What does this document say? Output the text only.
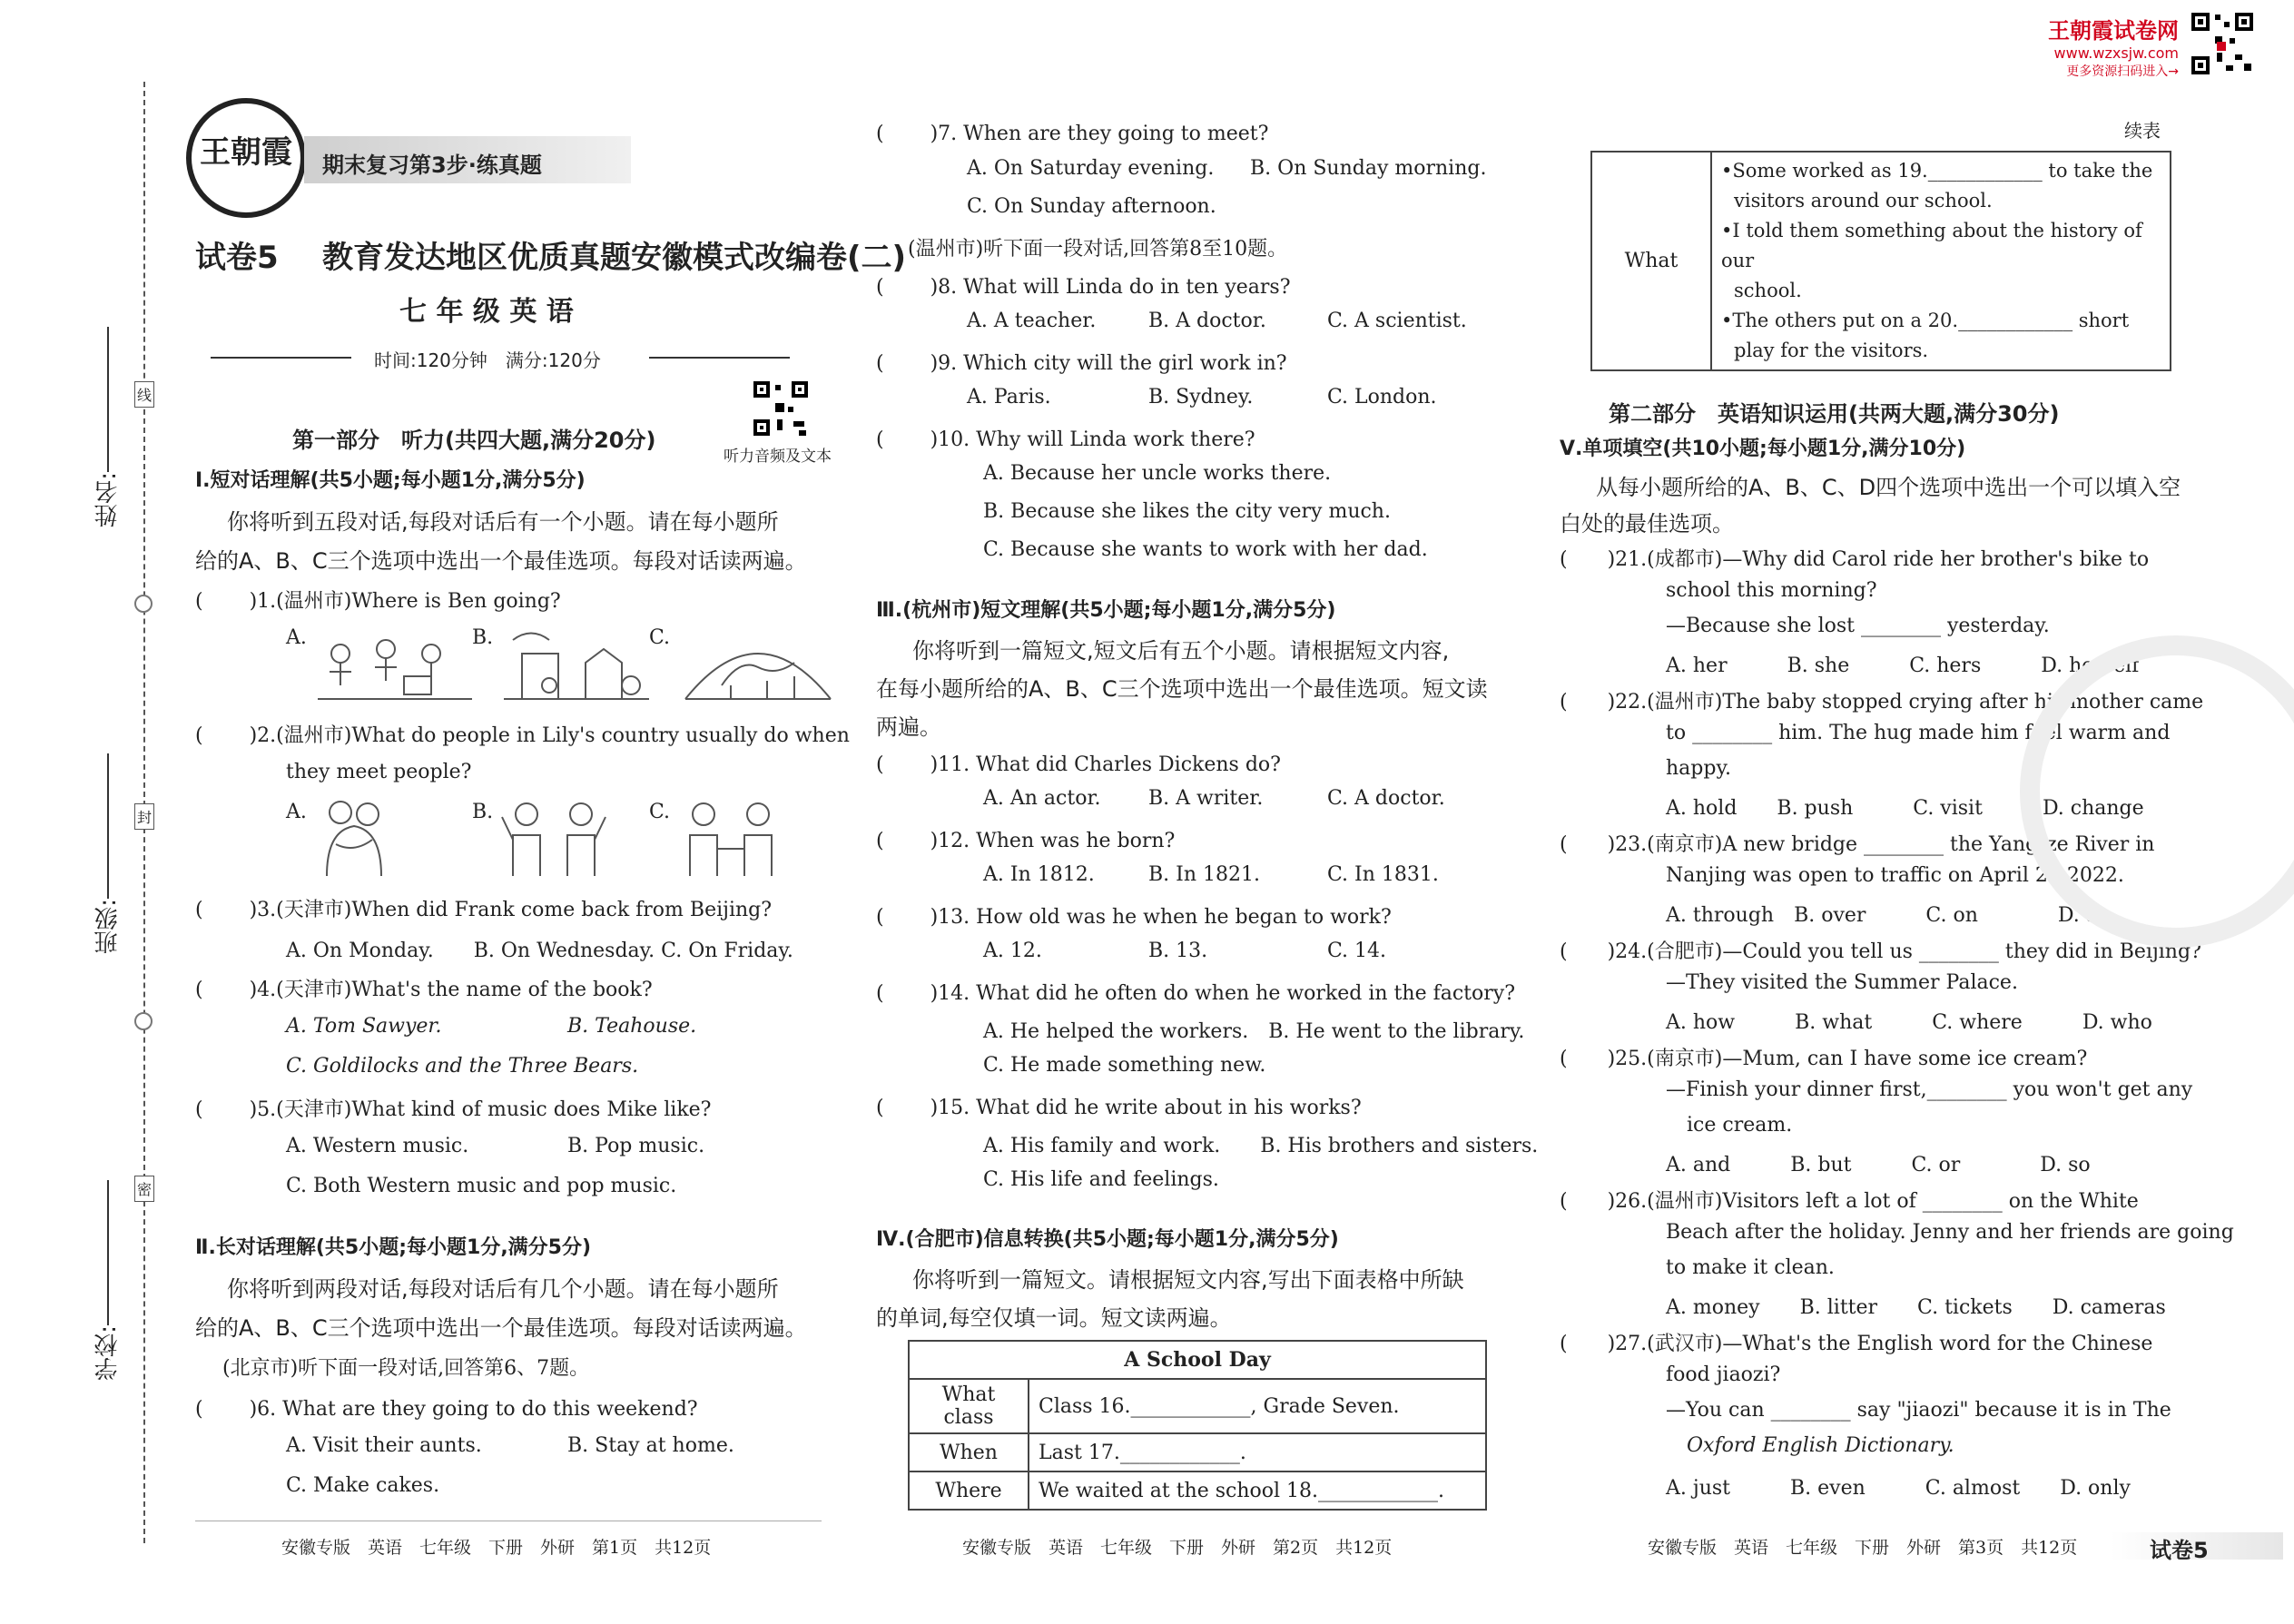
王朝霞试卷网
www.wzxsjw.com
更多资源扫码进入→
姓名:
班级:
学校:
线
封
密
王朝霞	期末复习第3步·练真题
试卷5 教育发达地区优质真题安徽模式改编卷(二)
七 年 级 英 语
时间:120分钟　满分:120分
听力音频及文本
第一部分　听力(共四大题,满分20分)
Ⅰ.短对话理解(共5小题;每小题1分,满分5分)
你将听到五段对话,每段对话后有一个小题。请在每小题所
给的A、B、C三个选项中选出一个最佳选项。每段对话读两遍。
( 　　)1.(温州市)Where is Ben going?
A.	B.	C.
( 　　)2.(温州市)What do people in Lily's country usually do when
they meet people?
A.	B.	C.
( 　　)3.(天津市)When did Frank come back from Beijing?
A. On Monday.　　B. On Wednesday. C. On Friday.
( 　　)4.(天津市)What's the name of the book?
A. Tom Sawyer.	B. Teahouse.
C. Goldilocks and the Three Bears.
( 　　)5.(天津市)What kind of music does Mike like?
A. Western music.	B. Pop music.
C. Both Western music and pop music.
Ⅱ.长对话理解(共5小题;每小题1分,满分5分)
你将听到两段对话,每段对话后有几个小题。请在每小题所
给的A、B、C三个选项中选出一个最佳选项。每段对话读两遍。
(北京市)听下面一段对话,回答第6、7题。
( 　　)6. What are they going to do this weekend?
A. Visit their aunts.	B. Stay at home.
C. Make cakes.
安徽专版　英语　七年级　下册　外研　第1页　共12页
( 　　)7. When are they going to meet?
A. On Saturday evening. B. On Sunday morning.
C. On Sunday afternoon.
(温州市)听下面一段对话,回答第8至10题。
( 　　)8. What will Linda do in ten years?
A. A teacher.	B. A doctor.	C. A scientist.
( 　　)9. Which city will the girl work in?
A. Paris.	B. Sydney.	C. London.
( 　　)10. Why will Linda work there?
A. Because her uncle works there.
B. Because she likes the city very much.
C. Because she wants to work with her dad.
Ⅲ.(杭州市)短文理解(共5小题;每小题1分,满分5分)
你将听到一篇短文,短文后有五个小题。请根据短文内容,
在每小题所给的A、B、C三个选项中选出一个最佳选项。短文读
两遍。
( 　　)11. What did Charles Dickens do?
A. An actor. B. A writer.	C. A doctor.
( 　　)12. When was he born?
A. In 1812.	B. In 1821.	C. In 1831.
( 　　)13. How old was he when he began to work?
A. 12.	B. 13.	C. 14.
( 　　)14. What did he often do when he worked in the factory?
A. He helped the workers.　B. He went to the library.
C. He made something new.
( 　　)15. What did he write about in his works?
A. His family and work.　　B. His brothers and sisters.
C. His life and feelings.
Ⅳ.(合肥市)信息转换(共5小题;每小题1分,满分5分)
你将听到一篇短文。请根据短文内容,写出下面表格中所缺
的单词,每空仅填一词。短文读两遍。
A School Day	
What class	Class 16.____________, Grade Seven.
When	Last 17.____________.
Where	We waited at the school 18.____________.
安徽专版　英语　七年级　下册　外研　第2页　共12页
续表
What	
•Some worked as 19.____________ to take the
visitors around our school.
•I told them something about the history of our
school.
•The others put on a 20.____________ short
play for the visitors.
第二部分　英语知识运用(共两大题,满分30分)
Ⅴ.单项填空(共10小题;每小题1分,满分10分)
从每小题所给的A、B、C、D四个选项中选出一个可以填入空
白处的最佳选项。
(　　)21.(成都市)—Why did Carol ride her brother's bike to
school this morning?
—Because she lost ________ yesterday.
A. her　　　B. she　　　C. hers　　　D. herself
(　　)22.(温州市)The baby stopped crying after his mother came
to ________ him. The hug made him feel warm and
happy.
A. hold　　B. push　　　C. visit　　　D. change
(　　)23.(南京市)A new bridge ________ the Yangtze River in
Nanjing was open to traffic on April 24,2022.
A. through　B. over　　　C. on　　　　D. at
(　　)24.(合肥市)—Could you tell us ________ they did in Beijing?
—They visited the Summer Palace.
A. how　　　B. what　　　C. where　　　D. who
(　　)25.(南京市)—Mum, can I have some ice cream?
—Finish your dinner first,________ you won't get any
ice cream.
A. and　　　B. but　　　C. or　　　　D. so
(　　)26.(温州市)Visitors left a lot of ________ on the White
Beach after the holiday. Jenny and her friends are going
to make it clean.
A. money　　B. litter　　C. tickets　　D. cameras
(　　)27.(武汉市)—What's the English word for the Chinese
food jiaozi?
—You can ________ say "jiaozi" because it is in The
Oxford English Dictionary.
A. just　　　B. even　　　C. almost　　D. only
安徽专版　英语　七年级　下册　外研　第3页　共12页	试卷5
